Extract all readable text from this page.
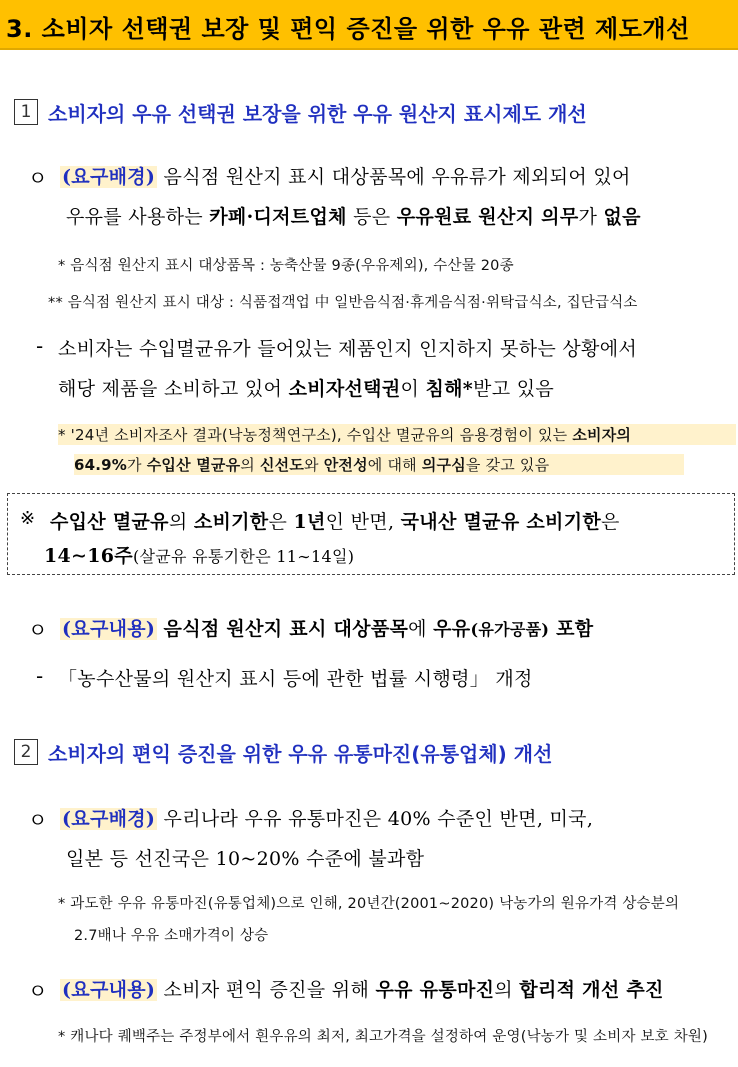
3. 소비자 선택권 보장 및 편익 증진을 위한 우유 관련 제도개선
1 소비자의 우유 선택권 보장을 위한 우유 원산지 표시제도 개선
ㅇ (요구배경) 음식점 원산지 표시 대상품목에 우유류가 제외되어 있어
우유를 사용하는 카페·디저트업체 등은 우유원료 원산지 의무가 없음
* 음식점 원산지 표시 대상품목 : 농축산물 9종(우유제외), 수산물 20종
** 음식점 원산지 표시 대상 : 식품접객업 中 일반음식점·휴게음식점·위탁급식소, 집단급식소
- 소비자는 수입멸균유가 들어있는 제품인지 인지하지 못하는 상황에서
해당 제품을 소비하고 있어 소비자선택권이 침해*받고 있음
* '24년 소비자조사 결과(낙농정책연구소), 수입산 멸균유의 음용경험이 있는 소비자의
64.9%가 수입산 멸균유의 신선도와 안전성에 대해 의구심을 갖고 있음
※ 수입산 멸균유의 소비기한은 1년인 반면, 국내산 멸균유 소비기한은
14∼16주(살균유 유통기한은 11∼14일)
ㅇ (요구내용) 음식점 원산지 표시 대상품목에 우유(유가공품) 포함
- 「농수산물의 원산지 표시 등에 관한 법률 시행령」 개정
2 소비자의 편익 증진을 위한 우유 유통마진(유통업체) 개선
ㅇ (요구배경) 우리나라 우유 유통마진은 40% 수준인 반면, 미국,
일본 등 선진국은 10~20% 수준에 불과함
* 과도한 우유 유통마진(유통업체)으로 인해, 20년간(2001~2020) 낙농가의 원유가격 상승분의
2.7배나 우유 소매가격이 상승
ㅇ (요구내용) 소비자 편익 증진을 위해 우유 유통마진의 합리적 개선 추진
* 캐나다 퀘백주는 주정부에서 흰우유의 최저, 최고가격을 설정하여 운영(낙농가 및 소비자 보호 차원)
